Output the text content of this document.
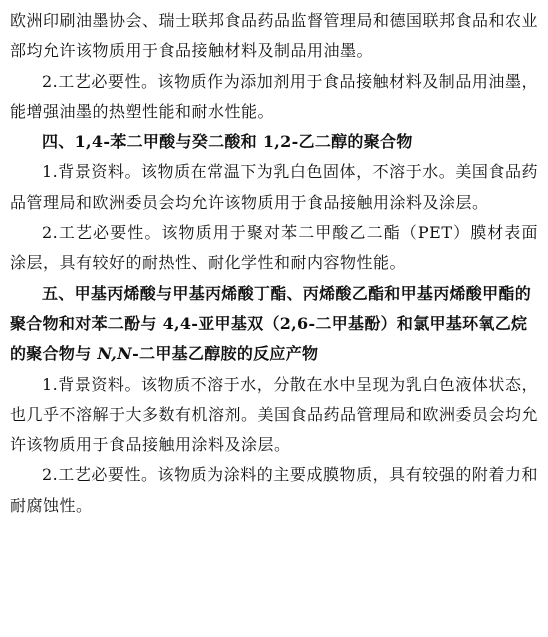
欧洲印刷油墨协会、瑞士联邦食品药品监督管理局和德国联邦食品和农业部均允许该物质用于食品接触材料及制品用油墨。

2.工艺必要性。该物质作为添加剂用于食品接触材料及制品用油墨，能增强油墨的热塑性能和耐水性能。

四、1,4-苯二甲酸与癸二酸和 1,2-乙二醇的聚合物

1.背景资料。该物质在常温下为乳白色固体，不溶于水。美国食品药品管理局和欧洲委员会均允许该物质用于食品接触用涂料及涂层。

2.工艺必要性。该物质用于聚对苯二甲酸乙二酯（PET）膜材表面涂层，具有较好的耐热性、耐化学性和耐内容物性能。

五、甲基丙烯酸与甲基丙烯酸丁酯、丙烯酸乙酯和甲基丙烯酸甲酯的聚合物和对苯二酚与 4,4-亚甲基双（2,6-二甲基酚）和氯甲基环氧乙烷的聚合物与 N,N-二甲基乙醇胺的反应产物

1.背景资料。该物质不溶于水，分散在水中呈现为乳白色液体状态，也几乎不溶解于大多数有机溶剂。美国食品药品管理局和欧洲委员会均允许该物质用于食品接触用涂料及涂层。

2.工艺必要性。该物质为涂料的主要成膜物质，具有较强的附着力和耐腐蚀性。
